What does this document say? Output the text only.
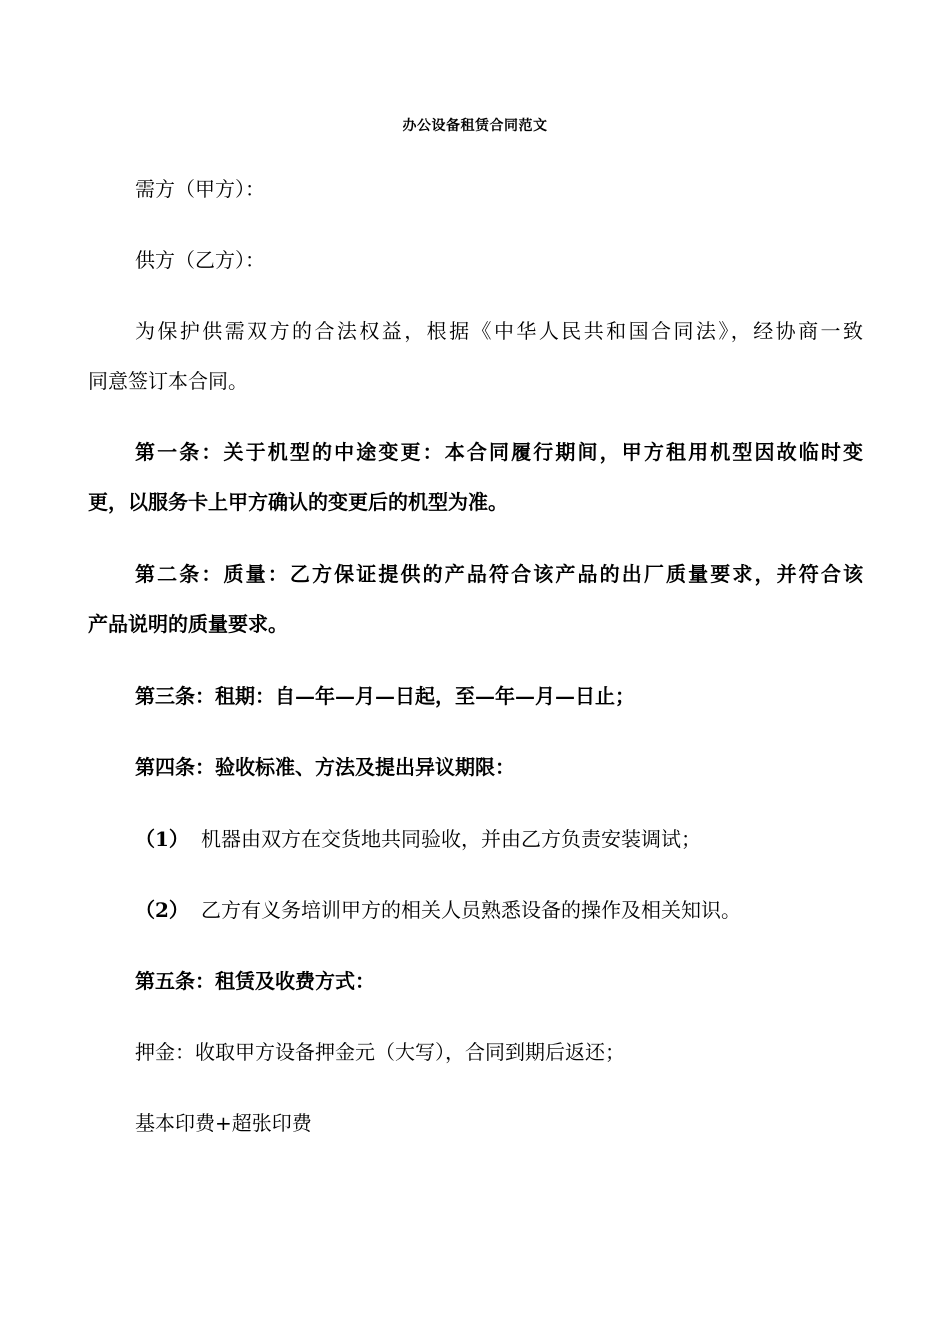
办公设备租赁合同范文
需方（甲方）：
供方（乙方）：
为保护供需双方的合法权益，根据《中华人民共和国合同法》，经协商一致
同意签订本合同。
第一条：关于机型的中途变更：本合同履行期间，甲方租用机型因故临时变
更，以服务卡上甲方确认的变更后的机型为准。
第二条：质量：乙方保证提供的产品符合该产品的出厂质量要求，并符合该
产品说明的质量要求。
第三条：租期：自—年—月—日起，至—年—月—日止；
第四条：验收标准、方法及提出异议期限：
（1） 机器由双方在交货地共同验收，并由乙方负责安装调试；
（2） 乙方有义务培训甲方的相关人员熟悉设备的操作及相关知识。
第五条：租赁及收费方式：
押金：收取甲方设备押金元（大写），合同到期后返还；
基本印费+超张印费
